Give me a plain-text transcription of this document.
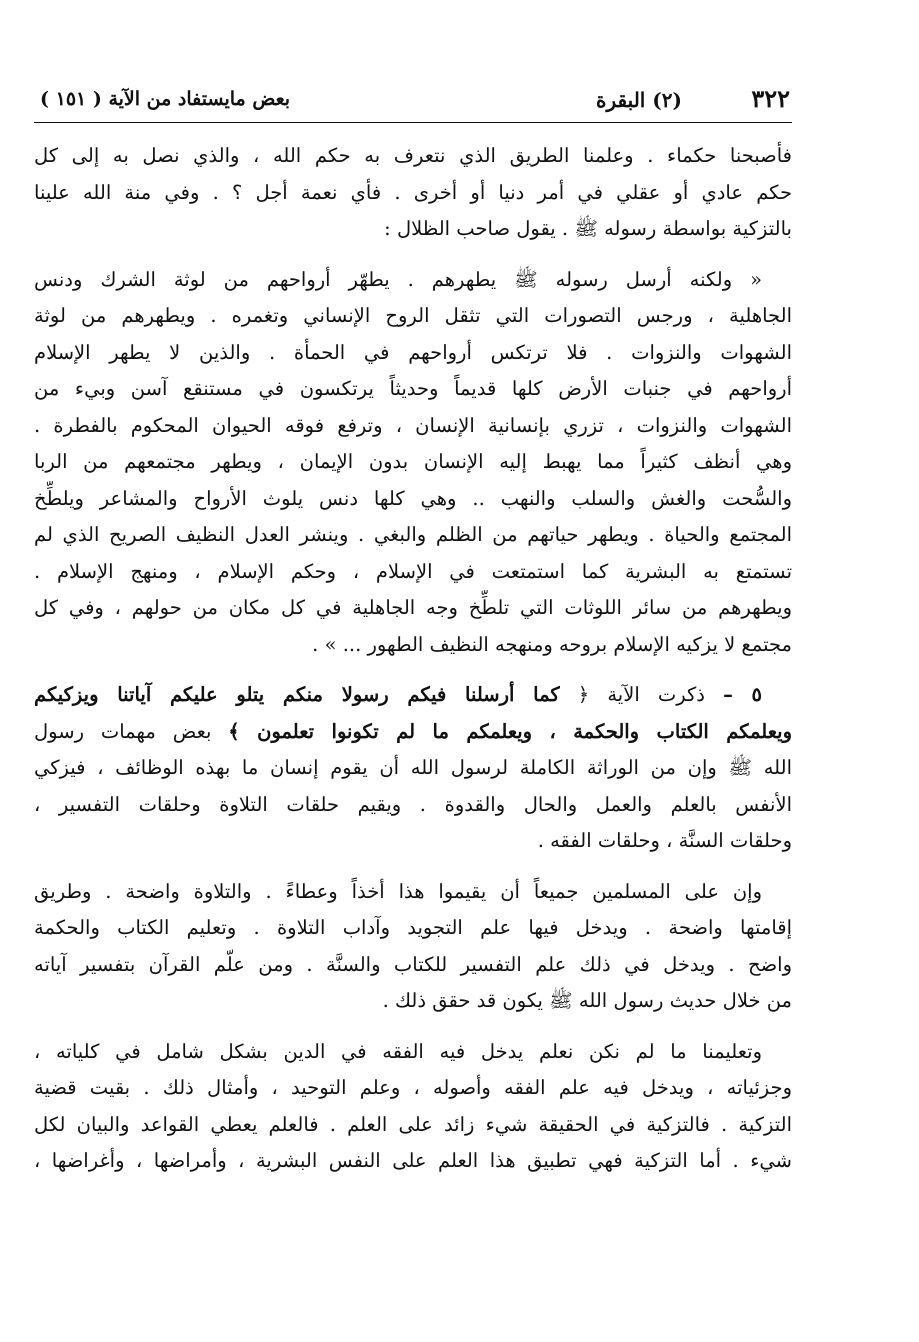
٣٢٢
(٢) البقرة
بعض مايستفاد من الآية ( ١٥١ )
فأصبحنا حكماء . وعلمنا الطريق الذي نتعرف به حكم الله ، والذي نصل به إلى كل
حكم عادي أو عقلي في أمر دنيا أو أخرى . فأي نعمة أجل ؟ . وفي منة الله علينا
بالتزكية بواسطة رسوله ﷺ . يقول صاحب الظلال :
« ولكنه أرسل رسوله ﷺ يطهرهم . يطهّر أرواحهم من لوثة الشرك ودنس
الجاهلية ، ورجس التصورات التي تثقل الروح الإنساني وتغمره . ويطهرهم من لوثة
الشهوات والنزوات . فلا ترتكس أرواحهم في الحمأة . والذين لا يطهر الإسلام
أرواحهم في جنبات الأرض كلها قديماً وحديثاً يرتكسون في مستنقع آسن وبيء من
الشهوات والنزوات ، تزري بإنسانية الإنسان ، وترفع فوقه الحيوان المحكوم بالفطرة .
وهي أنظف كثيراً مما يهبط إليه الإنسان بدون الإيمان ، ويطهر مجتمعهم من الربا
والسُّحت والغش والسلب والنهب .. وهي كلها دنس يلوث الأرواح والمشاعر ويلطِّخ
المجتمع والحياة . ويطهر حياتهم من الظلم والبغي . وينشر العدل النظيف الصريح الذي لم
تستمتع به البشرية كما استمتعت في الإسلام ، وحكم الإسلام ، ومنهج الإسلام .
ويطهرهم من سائر اللوثات التي تلطِّخ وجه الجاهلية في كل مكان من حولهم ، وفي كل
مجتمع لا يزكيه الإسلام بروحه ومنهجه النظيف الطهور ... » .
٥ – ذكرت الآية ﴿ كما أرسلنا فيكم رسولا منكم يتلو عليكم آياتنا ويزكيكم
ويعلمكم الكتاب والحكمة ، ويعلمكم ما لم تكونوا تعلمون ﴾ بعض مهمات رسول
الله ﷺ وإن من الوراثة الكاملة لرسول الله أن يقوم إنسان ما بهذه الوظائف ، فيزكي
الأنفس بالعلم والعمل والحال والقدوة . ويقيم حلقات التلاوة وحلقات التفسير ،
وحلقات السنَّة ، وحلقات الفقه .
وإن على المسلمين جميعاً أن يقيموا هذا أخذاً وعطاءً . والتلاوة واضحة . وطريق
إقامتها واضحة . ويدخل فيها علم التجويد وآداب التلاوة . وتعليم الكتاب والحكمة
واضح . ويدخل في ذلك علم التفسير للكتاب والسنَّة . ومن علّم القرآن بتفسير آياته
من خلال حديث رسول الله ﷺ يكون قد حقق ذلك .
وتعليمنا ما لم نكن نعلم يدخل فيه الفقه في الدين بشكل شامل في كلياته ،
وجزئياته ، ويدخل فيه علم الفقه وأصوله ، وعلم التوحيد ، وأمثال ذلك . بقيت قضية
التزكية . فالتزكية في الحقيقة شيء زائد على العلم . فالعلم يعطي القواعد والبيان لكل
شيء . أما التزكية فهي تطبيق هذا العلم على النفس البشرية ، وأمراضها ، وأغراضها ،
